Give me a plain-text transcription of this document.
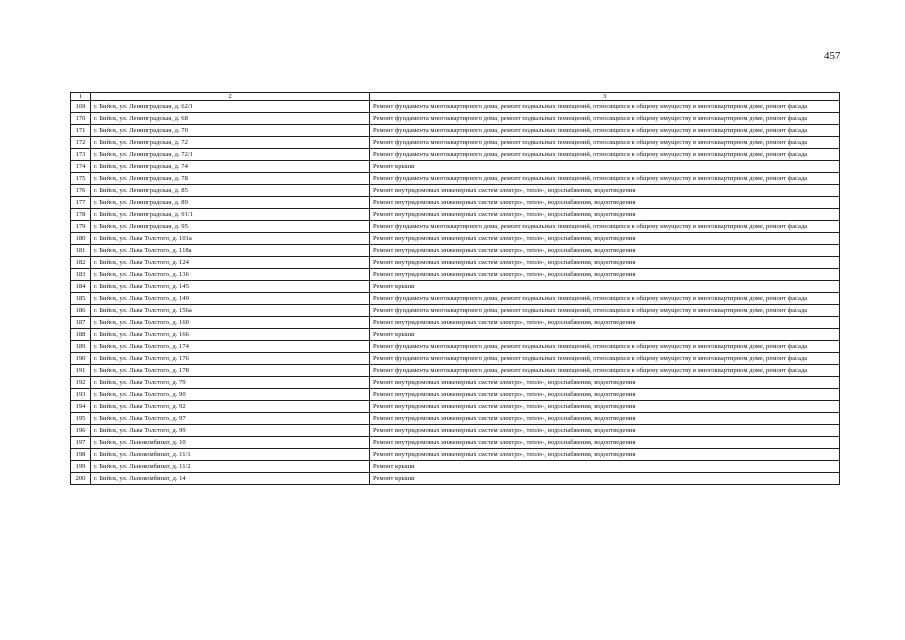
457
1	2	3
169	г. Бийск, ул. Ленинградская, д. 62/1	Ремонт фундамента многоквартирного дома, ремонт подвальных помещений, относящихся к общему имуществу в многоквартирном доме, ремонт фасада
170	г. Бийск, ул. Ленинградская, д. 68	Ремонт фундамента многоквартирного дома, ремонт подвальных помещений, относящихся к общему имуществу в многоквартирном доме, ремонт фасада
171	г. Бийск, ул. Ленинградская, д. 70	Ремонт фундамента многоквартирного дома, ремонт подвальных помещений, относящихся к общему имуществу в многоквартирном доме, ремонт фасада
172	г. Бийск, ул. Ленинградская, д. 72	Ремонт фундамента многоквартирного дома, ремонт подвальных помещений, относящихся к общему имуществу в многоквартирном доме, ремонт фасада
173	г. Бийск, ул. Ленинградская, д. 72/1	Ремонт фундамента многоквартирного дома, ремонт подвальных помещений, относящихся к общему имуществу в многоквартирном доме, ремонт фасада
174	г. Бийск, ул. Ленинградская, д. 74	Ремонт крыши
175	г. Бийск, ул. Ленинградская, д. 78	Ремонт фундамента многоквартирного дома, ремонт подвальных помещений, относящихся к общему имуществу в многоквартирном доме, ремонт фасада
176	г. Бийск, ул. Ленинградская, д. 85	Ремонт внутридомовых инженерных систем электро-, тепло-, водоснабжения, водоотведения
177	г. Бийск, ул. Ленинградская, д. 89	Ремонт внутридомовых инженерных систем электро-, тепло-, водоснабжения, водоотведения
178	г. Бийск, ул. Ленинградская, д. 91/1	Ремонт внутридомовых инженерных систем электро-, тепло-, водоснабжения, водоотведения
179	г. Бийск, ул. Ленинградская, д. 95	Ремонт фундамента многоквартирного дома, ремонт подвальных помещений, относящихся к общему имуществу в многоквартирном доме, ремонт фасада
180	г. Бийск, ул. Льва Толстого, д. 101а	Ремонт внутридомовых инженерных систем электро-, тепло-, водоснабжения, водоотведения
181	г. Бийск, ул. Льва Толстого, д. 118а	Ремонт внутридомовых инженерных систем электро-, тепло-, водоснабжения, водоотведения
182	г. Бийск, ул. Льва Толстого, д. 124	Ремонт внутридомовых инженерных систем электро-, тепло-, водоснабжения, водоотведения
183	г. Бийск, ул. Льва Толстого, д. 136	Ремонт внутридомовых инженерных систем электро-, тепло-, водоснабжения, водоотведения
184	г. Бийск, ул. Льва Толстого, д. 145	Ремонт крыши
185	г. Бийск, ул. Льва Толстого, д. 149	Ремонт фундамента многоквартирного дома, ремонт подвальных помещений, относящихся к общему имуществу в многоквартирном доме, ремонт фасада
186	г. Бийск, ул. Льва Толстого, д. 156а	Ремонт фундамента многоквартирного дома, ремонт подвальных помещений, относящихся к общему имуществу в многоквартирном доме, ремонт фасада
187	г. Бийск, ул. Льва Толстого, д. 160	Ремонт внутридомовых инженерных систем электро-, тепло-, водоснабжения, водоотведения
188	г. Бийск, ул. Льва Толстого, д. 166	Ремонт крыши
189	г. Бийск, ул. Льва Толстого, д. 174	Ремонт фундамента многоквартирного дома, ремонт подвальных помещений, относящихся к общему имуществу в многоквартирном доме, ремонт фасада
190	г. Бийск, ул. Льва Толстого, д. 176	Ремонт фундамента многоквартирного дома, ремонт подвальных помещений, относящихся к общему имуществу в многоквартирном доме, ремонт фасада
191	г. Бийск, ул. Льва Толстого, д. 178	Ремонт фундамента многоквартирного дома, ремонт подвальных помещений, относящихся к общему имуществу в многоквартирном доме, ремонт фасада
192	г. Бийск, ул. Льва Толстого, д. 79	Ремонт внутридомовых инженерных систем электро-, тепло-, водоснабжения, водоотведения
193	г. Бийск, ул. Льва Толстого, д. 90	Ремонт внутридомовых инженерных систем электро-, тепло-, водоснабжения, водоотведения
194	г. Бийск, ул. Льва Толстого, д. 92	Ремонт внутридомовых инженерных систем электро-, тепло-, водоснабжения, водоотведения
195	г. Бийск, ул. Льва Толстого, д. 97	Ремонт внутридомовых инженерных систем электро-, тепло-, водоснабжения, водоотведения
196	г. Бийск, ул. Льва Толстого, д. 99	Ремонт внутридомовых инженерных систем электро-, тепло-, водоснабжения, водоотведения
197	г. Бийск, ул. Льнокомбинат, д. 10	Ремонт внутридомовых инженерных систем электро-, тепло-, водоснабжения, водоотведения
198	г. Бийск, ул. Льнокомбинат, д. 11/1	Ремонт внутридомовых инженерных систем электро-, тепло-, водоснабжения, водоотведения
199	г. Бийск, ул. Льнокомбинат, д. 11/2	Ремонт крыши
200	г. Бийск, ул. Льнокомбинат, д. 14	Ремонт крыши
